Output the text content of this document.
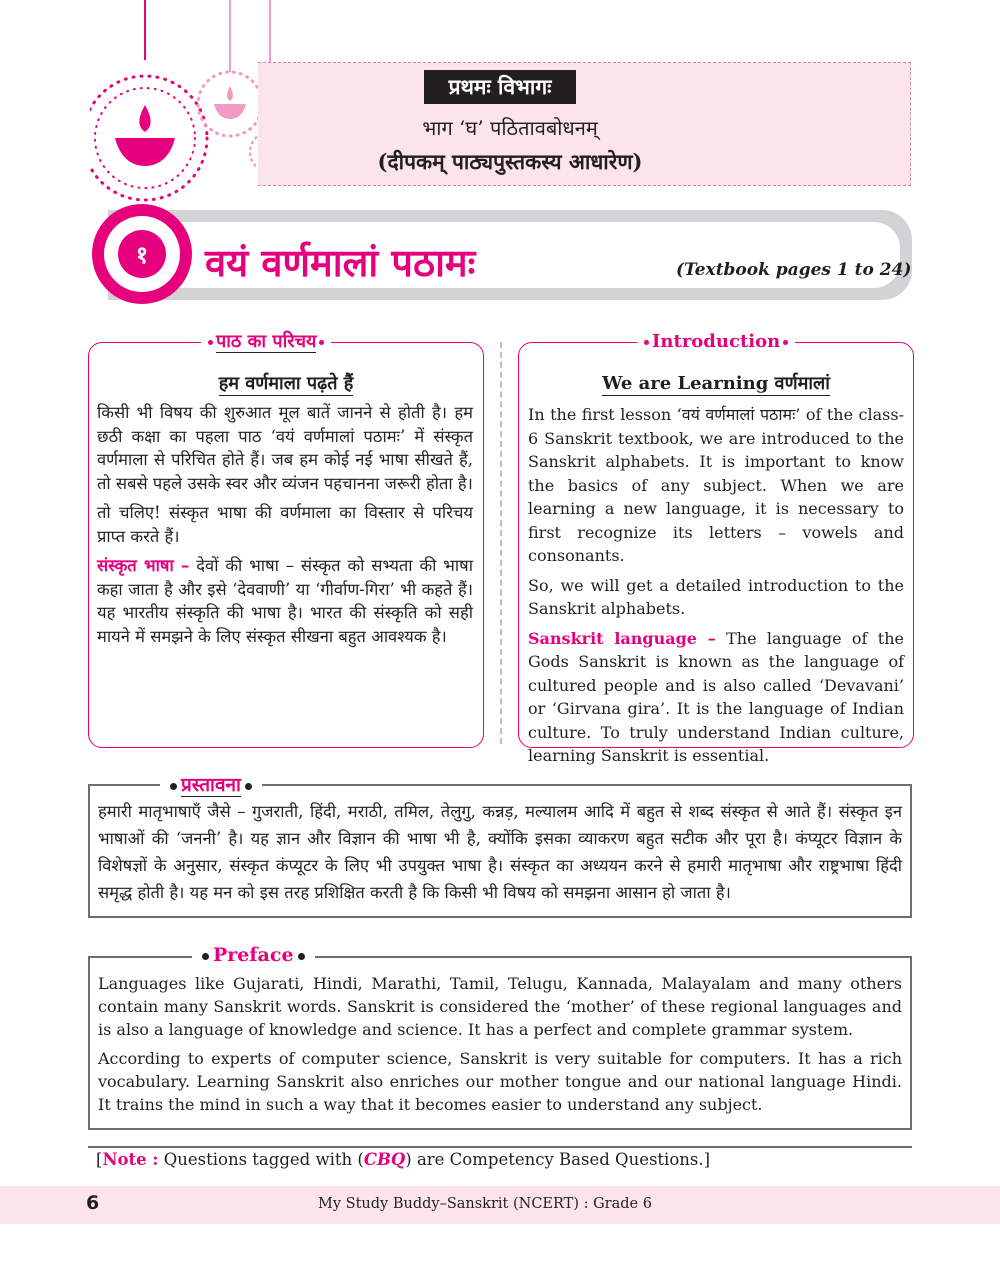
प्रथमः विभागः
भाग ‘घ’ पठितावबोधनम्
(दीपकम् पाठ्यपुस्तकस्य आधारेण)
१	वयं वर्णमालां पठामः	(Textbook pages 1 to 24)
पाठ का परिचय
हम वर्णमाला पढ़ते हैं

किसी भी विषय की शुरुआत मूल बातें जानने से होती है। हम छठी कक्षा का पहला पाठ ‘वयं वर्णमालां पठामः’ में संस्कृत वर्णमाला से परिचित होते हैं। जब हम कोई नई भाषा सीखते हैं, तो सबसे पहले उसके स्वर और व्यंजन पहचानना जरूरी होता है।

तो चलिए! संस्कृत भाषा की वर्णमाला का विस्तार से परिचय प्राप्त करते हैं।

संस्कृत भाषा – देवों की भाषा – संस्कृत को सभ्यता की भाषा कहा जाता है और इसे ‘देववाणी’ या ‘गीर्वाण-गिरा’ भी कहते हैं। यह भारतीय संस्कृति की भाषा है। भारत की संस्कृति को सही मायने में समझने के लिए संस्कृत सीखना बहुत आवश्यक है।

Introduction
We are Learning वर्णमालां

In the first lesson ‘वयं वर्णमालां पठामः’ of the class-6 Sanskrit textbook, we are introduced to the Sanskrit alphabets. It is important to know the basics of any subject. When we are learning a new language, it is necessary to first recognize its letters – vowels and consonants.

So, we will get a detailed introduction to the Sanskrit alphabets.

Sanskrit language – The language of the Gods Sanskrit is known as the language of cultured people and is also called ‘Devavani’ or ‘Girvana gira’. It is the language of Indian culture. To truly understand Indian culture, learning Sanskrit is essential.

प्रस्तावना

हमारी मातृभाषाएँ जैसे – गुजराती, हिंदी, मराठी, तमिल, तेलुगु, कन्नड़, मल्यालम आदि में बहुत से शब्द संस्कृत से आते हैं। संस्कृत इन भाषाओं की ‘जननी’ है। यह ज्ञान और विज्ञान की भाषा भी है, क्योंकि इसका व्याकरण बहुत सटीक और पूरा है। कंप्यूटर विज्ञान के विशेषज्ञों के अनुसार, संस्कृत कंप्यूटर के लिए भी उपयुक्त भाषा है। संस्कृत का अध्ययन करने से हमारी मातृभाषा और राष्ट्रभाषा हिंदी समृद्ध होती है। यह मन को इस तरह प्रशिक्षित करती है कि किसी भी विषय को समझना आसान हो जाता है।

Preface

Languages like Gujarati, Hindi, Marathi, Tamil, Telugu, Kannada, Malayalam and many others contain many Sanskrit words. Sanskrit is considered the ‘mother’ of these regional languages and is also a language of knowledge and science. It has a perfect and complete grammar system.

According to experts of computer science, Sanskrit is very suitable for computers. It has a rich vocabulary. Learning Sanskrit also enriches our mother tongue and our national language Hindi. It trains the mind in such a way that it becomes easier to understand any subject.

[Note : Questions tagged with (CBQ) are Competency Based Questions.]
6	My Study Buddy–Sanskrit (NCERT) : Grade 6
